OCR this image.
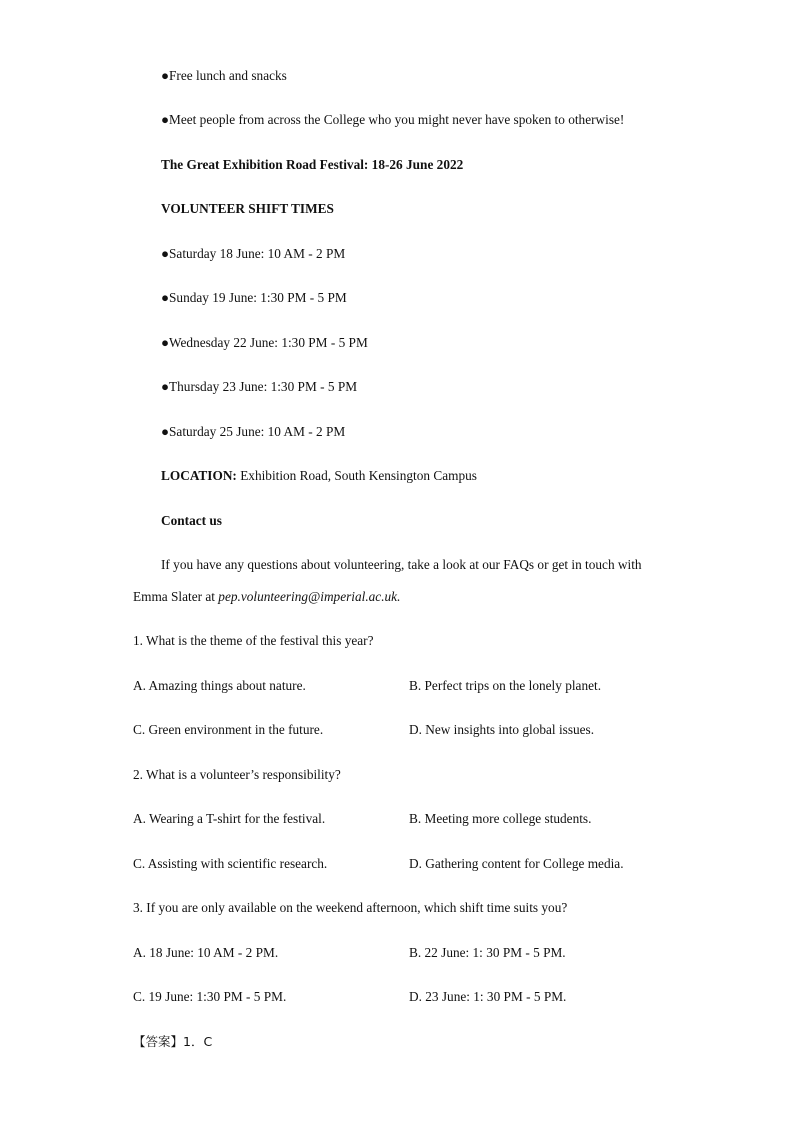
●Free lunch and snacks
●Meet people from across the College who you might never have spoken to otherwise!
The Great Exhibition Road Festival: 18-26 June 2022
VOLUNTEER SHIFT TIMES
●Saturday 18 June: 10 AM - 2 PM
●Sunday 19 June: 1:30 PM - 5 PM
●Wednesday 22 June: 1:30 PM - 5 PM
●Thursday 23 June: 1:30 PM - 5 PM
●Saturday 25 June: 10 AM - 2 PM
LOCATION: Exhibition Road, South Kensington Campus
Contact us
If you have any questions about volunteering, take a look at our FAQs or get in touch with
Emma Slater at pep.volunteering@imperial.ac.uk.
1. What is the theme of the festival this year?
A. Amazing things about nature.	B. Perfect trips on the lonely planet.
C. Green environment in the future.	D. New insights into global issues.
2. What is a volunteer’s responsibility?
A. Wearing a T-shirt for the festival.	B. Meeting more college students.
C. Assisting with scientific research.	D. Gathering content for College media.
3. If you are only available on the weekend afternoon, which shift time suits you?
A. 18 June: 10 AM - 2 PM.	B. 22 June: 1: 30 PM - 5 PM.
C. 19 June: 1:30 PM - 5 PM.	D. 23 June: 1: 30 PM - 5 PM.
【答案】1．C
